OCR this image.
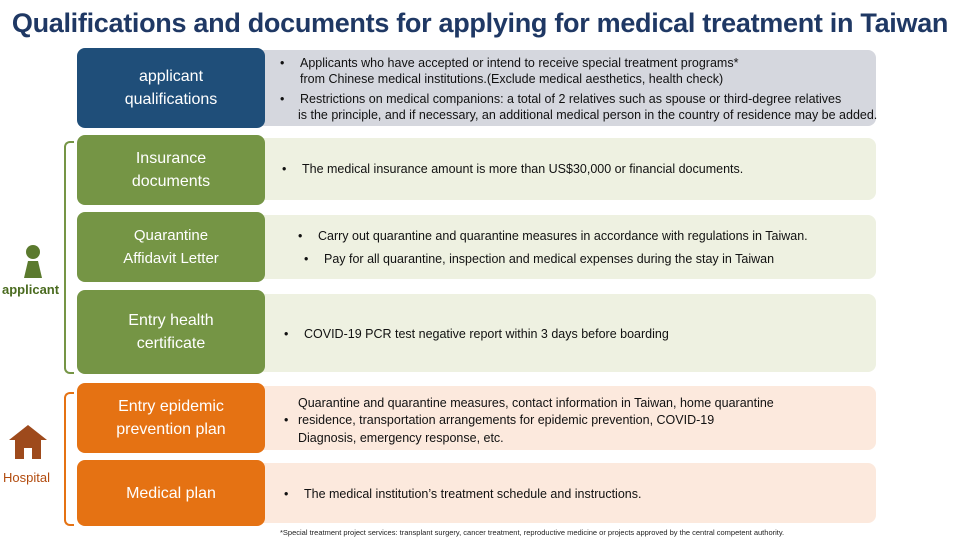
Qualifications and documents for applying for medical treatment in Taiwan
applicant
Hospital
• Applicants who have accepted or intend to receive special treatment programs*
from Chinese medical institutions.(Exclude medical aesthetics, health check)
• Restrictions on medical companions: a total of 2 relatives such as spouse or third-degree relatives
is the principle, and if necessary, an additional medical person in the country of residence may be added.
applicant
qualifications
• The medical insurance amount is more than US$30,000 or financial documents.
Insurance
documents
• Carry out quarantine and quarantine measures in accordance with regulations in Taiwan.
• Pay for all quarantine, inspection and medical expenses during the stay in Taiwan
Quarantine
Affidavit Letter
• COVID-19 PCR test negative report within 3 days before boarding
Entry health
certificate
Quarantine and quarantine measures, contact information in Taiwan, home quarantine
• residence, transportation arrangements for epidemic prevention, COVID-19
Diagnosis, emergency response, etc.
Entry epidemic
prevention plan
• The medical institution’s treatment schedule and instructions.
Medical plan
*Special treatment project services: transplant surgery, cancer treatment, reproductive medicine or projects approved by the central competent authority.
